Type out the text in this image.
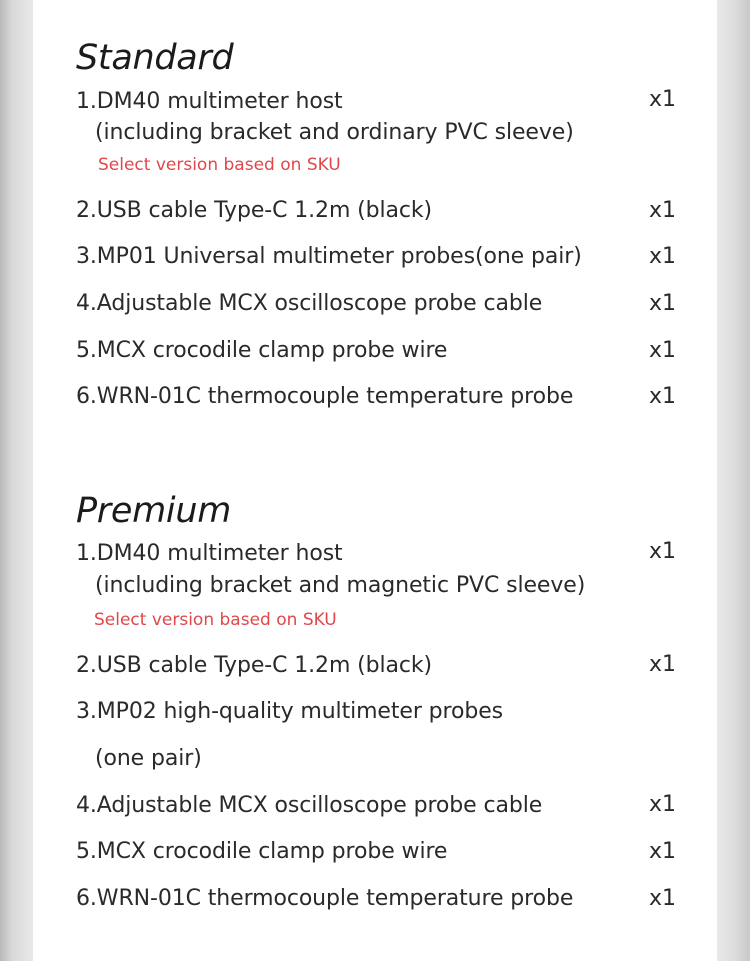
Standard
1.DM40 multimeter host	x1
(including bracket and ordinary PVC sleeve)
Select version based on SKU
2.USB cable Type-C 1.2m (black)	x1
3.MP01 Universal multimeter probes(one pair)	x1
4.Adjustable MCX oscilloscope probe cable	x1
5.MCX crocodile clamp probe wire	x1
6.WRN-01C thermocouple temperature probe	x1
Premium
1.DM40 multimeter host	x1
(including bracket and magnetic PVC sleeve)
Select version based on SKU
2.USB cable Type-C 1.2m (black)	x1
3.MP02 high-quality multimeter probes
(one pair)
4.Adjustable MCX oscilloscope probe cable	x1
5.MCX crocodile clamp probe wire	x1
6.WRN-01C thermocouple temperature probe	x1
